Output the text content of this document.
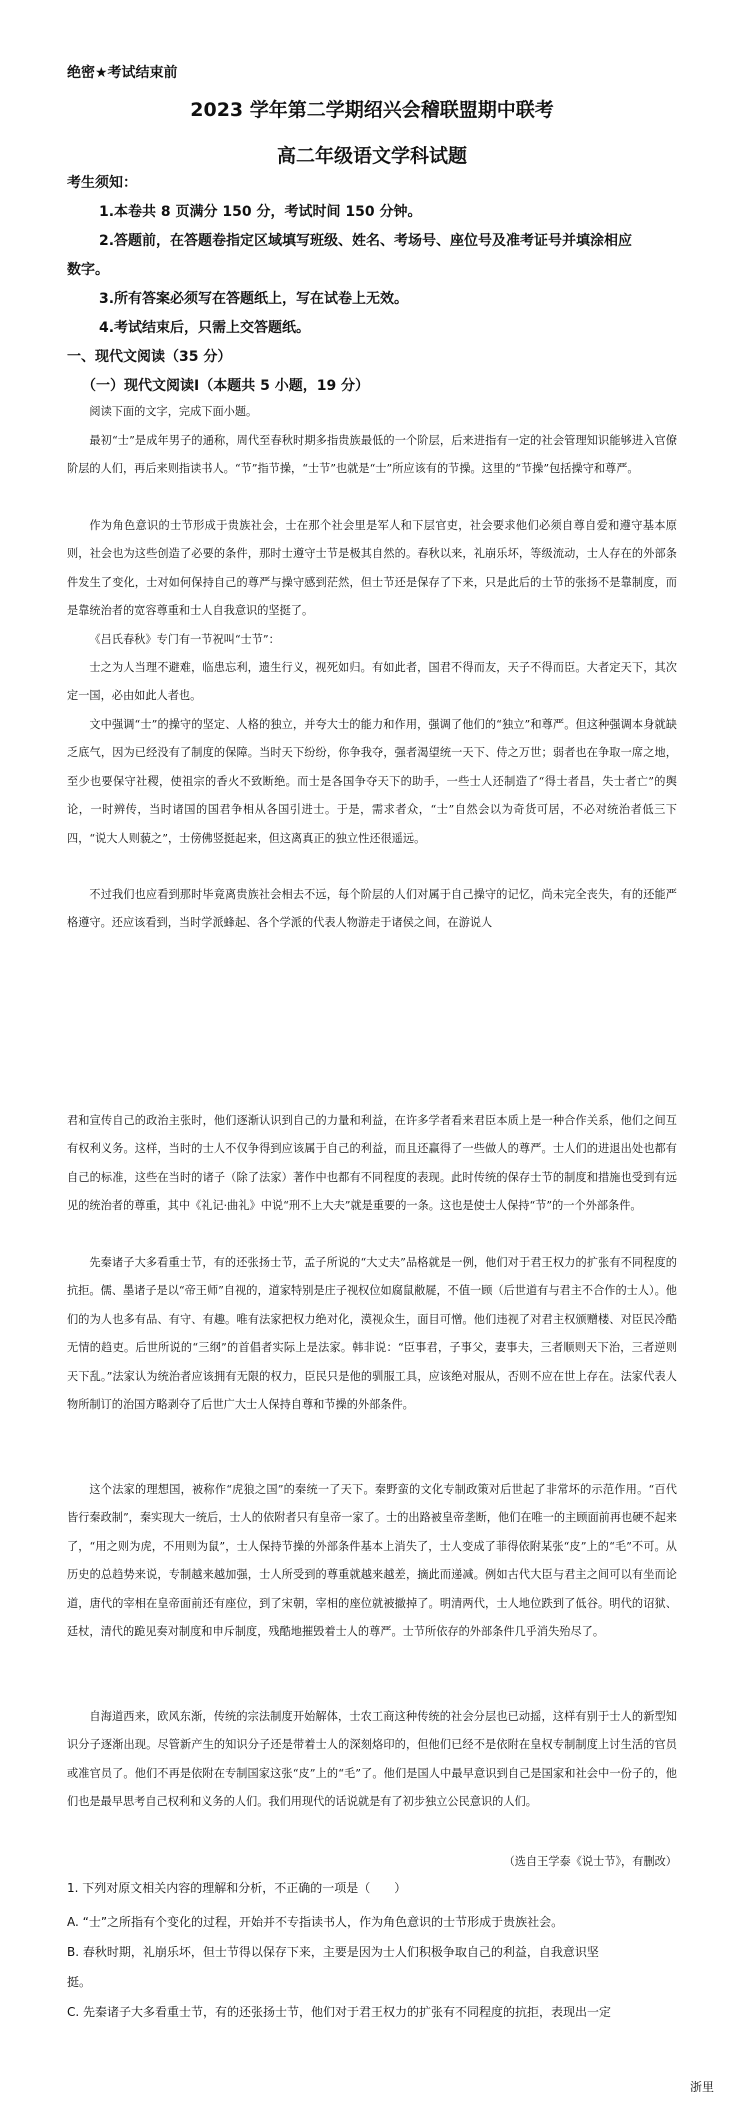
绝密★考试结束前
2023 学年第二学期绍兴会稽联盟期中联考
高二年级语文学科试题
考生须知：
1.本卷共 8 页满分 150 分，考试时间 150 分钟。
2.答题前，在答题卷指定区域填写班级、姓名、考场号、座位号及准考证号并填涂相应
数字。
3.所有答案必须写在答题纸上，写在试卷上无效。
4.考试结束后，只需上交答题纸。
一、现代文阅读（35 分）
（一）现代文阅读Ⅰ（本题共 5 小题，19 分）

阅读下面的文字，完成下面小题。

最初“士”是成年男子的通称，周代至春秋时期多指贵族最低的一个阶层，后来进指有一定的社会管理知识能够进入官僚阶层的人们，再后来则指读书人。“节”指节操，“士节”也就是“士”所应该有的节操。这里的“节操”包括操守和尊严。

作为角色意识的士节形成于贵族社会，士在那个社会里是军人和下层官吏，社会要求他们必须自尊自爱和遵守基本原则，社会也为这些创造了必要的条件，那时士遵守士节是极其自然的。春秋以来，礼崩乐坏，等级流动，士人存在的外部条件发生了变化，士对如何保持自己的尊严与操守感到茫然，但士节还是保存了下来，只是此后的士节的张扬不是靠制度，而是靠统治者的宽容尊重和士人自我意识的坚挺了。

《吕氏春秋》专门有一节祝叫“士节”：

士之为人当理不避难，临患忘利，遗生行义，视死如归。有如此者，国君不得而友，天子不得而臣。大者定天下，其次定一国，必由如此人者也。

文中强调“士”的操守的坚定、人格的独立，并夸大士的能力和作用，强调了他们的“独立”和尊严。但这种强调本身就缺乏底气，因为已经没有了制度的保障。当时天下纷纷，你争我夺，强者渴望统一天下、侍之万世；弱者也在争取一席之地，至少也要保守社稷，使祖宗的香火不致断绝。而士是各国争夺天下的助手，一些士人还制造了“得士者昌，失士者亡”的舆论，一时辨传，当时诸国的国君争相从各国引进士。于是，需求者众，“士”自然会以为奇货可居，不必对统治者低三下四，“说大人则藐之”，士傍佛竖挺起来，但这离真正的独立性还很遥远。

不过我们也应看到那时毕竟离贵族社会相去不远，每个阶层的人们对属于自己操守的记忆，尚未完全丧失，有的还能严格遵守。还应该看到，当时学派蜂起、各个学派的代表人物游走于诸侯之间，在游说人

君和宣传自己的政治主张时，他们逐渐认识到自己的力量和利益，在许多学者看来君臣本质上是一种合作关系，他们之间互有权利义务。这样，当时的士人不仅争得到应该属于自己的利益，而且还赢得了一些做人的尊严。士人们的进退出处也都有自己的标准，这些在当时的诸子（除了法家）著作中也都有不同程度的表现。此时传统的保存士节的制度和措施也受到有远见的统治者的尊重，其中《礼记·曲礼》中说“刑不上大夫”就是重要的一条。这也是使士人保持“节”的一个外部条件。

先秦诸子大多看重士节，有的还张扬士节，孟子所说的“大丈夫”品格就是一例，他们对于君王权力的扩张有不同程度的抗拒。儒、墨诸子是以“帝王师”自视的，道家特别是庄子视权位如腐鼠敝屣，不值一顾（后世道有与君主不合作的士人）。他们的为人也多有品、有守、有趣。唯有法家把权力绝对化，漠视众生，面目可憎。他们违视了对君主权颁赠楼、对臣民冷酷无情的趋吏。后世所说的“三纲”的首倡者实际上是法家。韩非说：“臣事君，子事父，妻事夫，三者顺则天下治，三者逆则天下乱。”法家认为统治者应该拥有无限的权力，臣民只是他的驯服工具，应该绝对服从，否则不应在世上存在。法家代表人物所制订的治国方略剥夺了后世广大士人保持自尊和节操的外部条件。

这个法家的理想国，被称作“虎狼之国”的秦统一了天下。秦野蛮的文化专制政策对后世起了非常坏的示范作用。“百代皆行秦政制”，秦实现大一统后，士人的依附者只有皇帝一家了。士的出路被皇帝垄断，他们在唯一的主顾面前再也硬不起来了，“用之则为虎，不用则为鼠”，士人保持节操的外部条件基本上消失了，士人变成了菲得依附某张“皮”上的“毛”不可。从历史的总趋势来说，专制越来越加强，士人所受到的尊重就越来越差，摘此而递减。例如古代大臣与君主之间可以有坐而论道，唐代的宰相在皇帝面前还有座位，到了宋朝，宰相的座位就被撤掉了。明清两代，士人地位跌到了低谷。明代的诏狱、廷杖，清代的跪见奏对制度和申斥制度，残酷地摧毁着士人的尊严。士节所依存的外部条件几乎消失殆尽了。

自海道西来，欧风东渐，传统的宗法制度开始解体，士农工商这种传统的社会分层也已动摇，这样有别于士人的新型知识分子逐渐出现。尽管新产生的知识分子还是带着士人的深刻烙印的，但他们已经不是依附在皇权专制制度上讨生活的官员或准官员了。他们不再是依附在专制国家这张“皮”上的“毛”了。他们是国人中最早意识到自己是国家和社会中一份子的，他们也是最早思考自己权利和义务的人们。我们用现代的话说就是有了初步独立公民意识的人们。

（选自王学泰《说士节》，有删改）

1. 下列对原文相关内容的理解和分析，不正确的一项是（ ）

A. “士”之所指有个变化的过程，开始并不专指读书人，作为角色意识的士节形成于贵族社会。

B. 春秋时期，礼崩乐坏，但士节得以保存下来，主要是因为士人们积极争取自己的利益，自我意识坚

挺。

C. 先秦诸子大多看重士节，有的还张扬士节，他们对于君王权力的扩张有不同程度的抗拒，表现出一定

浙里
